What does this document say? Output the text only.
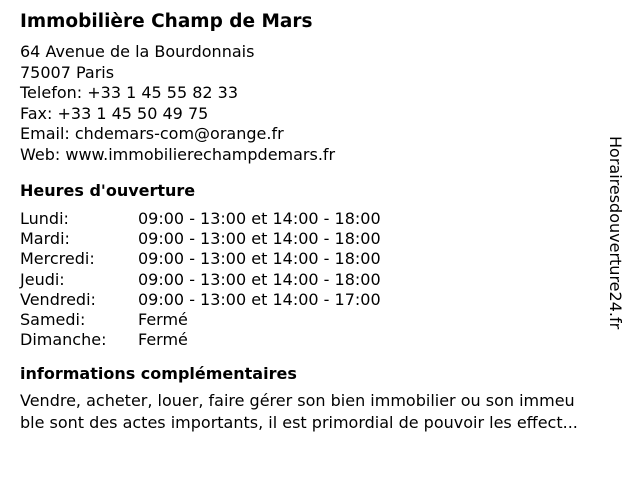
Immobilière Champ de Mars
64 Avenue de la Bourdonnais
75007 Paris
Telefon: +33 1 45 55 82 33
Fax: +33 1 45 50 49 75
Email: chdemars-com@orange.fr
Web: www.immobilierechampdemars.fr
Heures d'ouverture
Lundi:	09:00 - 13:00 et 14:00 - 18:00
Mardi:	09:00 - 13:00 et 14:00 - 18:00
Mercredi:	09:00 - 13:00 et 14:00 - 18:00
Jeudi:	09:00 - 13:00 et 14:00 - 18:00
Vendredi:	09:00 - 13:00 et 14:00 - 17:00
Samedi:	Fermé
Dimanche:	Fermé
informations complémentaires
Vendre, acheter, louer, faire gérer son bien immobilier ou son immeu
ble sont des actes importants, il est primordial de pouvoir les effect...
Horairesdouverture24.fr
